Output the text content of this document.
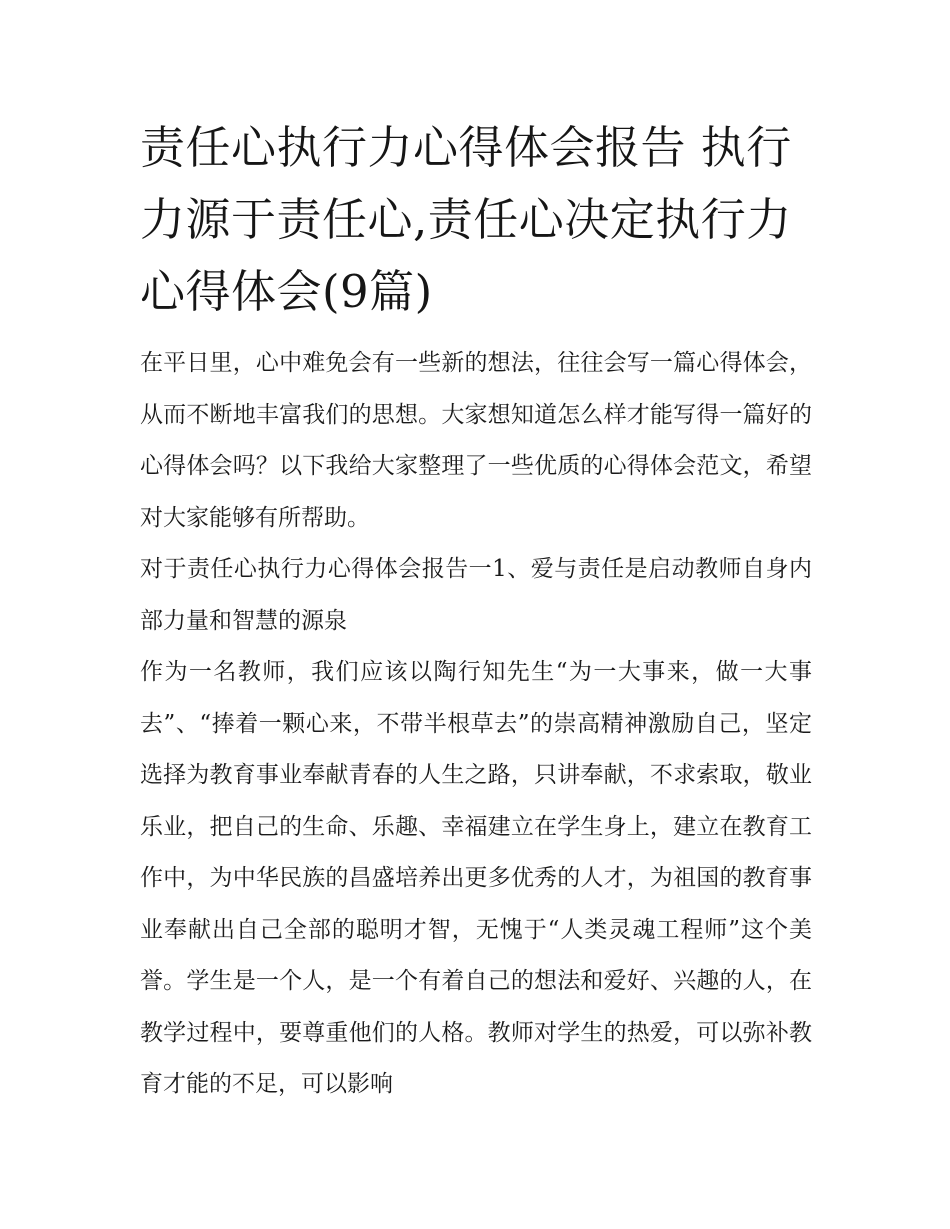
责任心执行力心得体会报告 执行力源于责任心,责任心决定执行力心得体会(9篇)

在平日里，心中难免会有一些新的想法，往往会写一篇心得体会，从而不断地丰富我们的思想。大家想知道怎么样才能写得一篇好的心得体会吗？以下我给大家整理了一些优质的心得体会范文，希望对大家能够有所帮助。

对于责任心执行力心得体会报告一1、爱与责任是启动教师自身内部力量和智慧的源泉

作为一名教师，我们应该以陶行知先生“为一大事来，做一大事去”、“捧着一颗心来，不带半根草去”的崇高精神激励自己，坚定选择为教育事业奉献青春的人生之路，只讲奉献，不求索取，敬业乐业，把自己的生命、乐趣、幸福建立在学生身上，建立在教育工作中，为中华民族的昌盛培养出更多优秀的人才，为祖国的教育事业奉献出自己全部的聪明才智，无愧于“人类灵魂工程师”这个美誉。学生是一个人，是一个有着自己的想法和爱好、兴趣的人，在教学过程中，要尊重他们的人格。教师对学生的热爱，可以弥补教育才能的不足，可以影响
